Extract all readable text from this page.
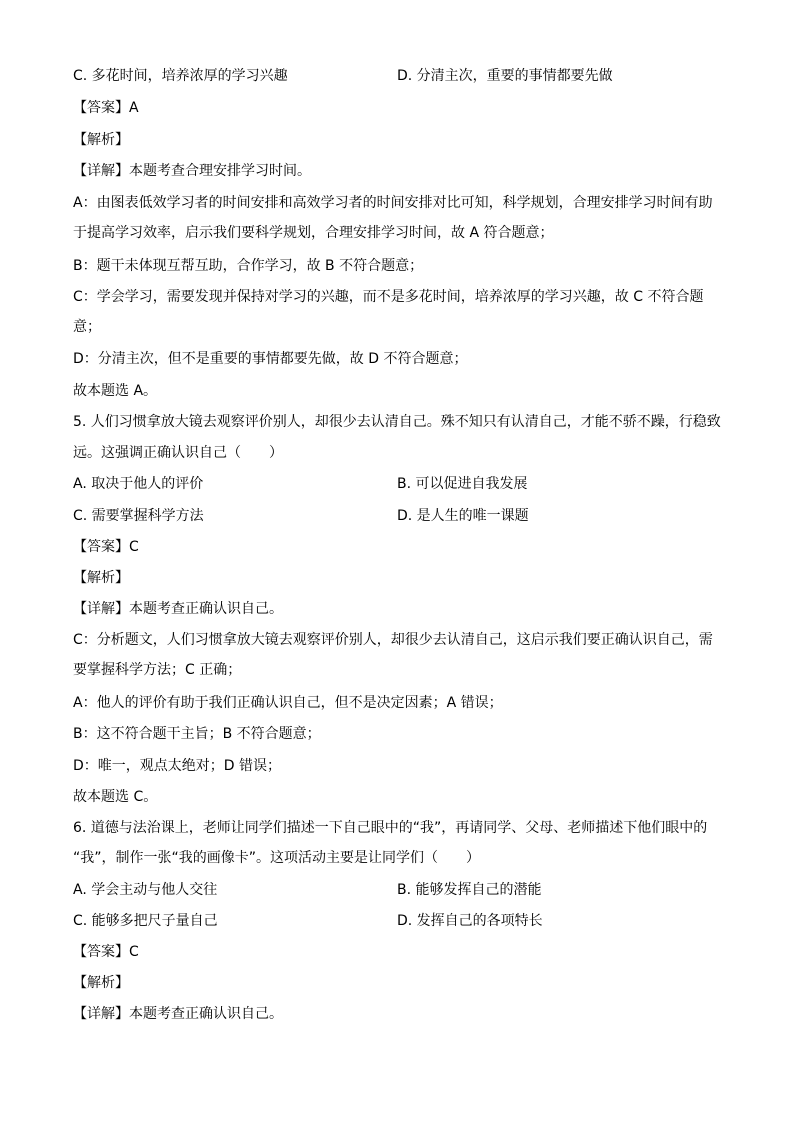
C. 多花时间，培养浓厚的学习兴趣	D. 分清主次，重要的事情都要先做
【答案】A
【解析】
【详解】本题考查合理安排学习时间。
A：由图表低效学习者的时间安排和高效学习者的时间安排对比可知，科学规划，合理安排学习时间有助
于提高学习效率，启示我们要科学规划，合理安排学习时间，故 A 符合题意；
B：题干未体现互帮互助，合作学习，故 B 不符合题意；
C：学会学习，需要发现并保持对学习的兴趣，而不是多花时间，培养浓厚的学习兴趣，故 C 不符合题
意；
D：分清主次，但不是重要的事情都要先做，故 D 不符合题意；
故本题选 A。
5. 人们习惯拿放大镜去观察评价别人，却很少去认清自己。殊不知只有认清自己，才能不骄不躁，行稳致
远。这强调正确认识自己（　　）
A. 取决于他人的评价	B. 可以促进自我发展
C. 需要掌握科学方法	D. 是人生的唯一课题
【答案】C
【解析】
【详解】本题考查正确认识自己。
C：分析题文，人们习惯拿放大镜去观察评价别人，却很少去认清自己，这启示我们要正确认识自己，需
要掌握科学方法；C 正确；
A：他人的评价有助于我们正确认识自己，但不是决定因素；A 错误；
B：这不符合题干主旨；B 不符合题意；
D：唯一，观点太绝对；D 错误；
故本题选 C。
6. 道德与法治课上，老师让同学们描述一下自己眼中的“我”，再请同学、父母、老师描述下他们眼中的
“我”，制作一张“我的画像卡”。这项活动主要是让同学们（　　）
A. 学会主动与他人交往	B. 能够发挥自己的潜能
C. 能够多把尺子量自己	D. 发挥自己的各项特长
【答案】C
【解析】
【详解】本题考查正确认识自己。
